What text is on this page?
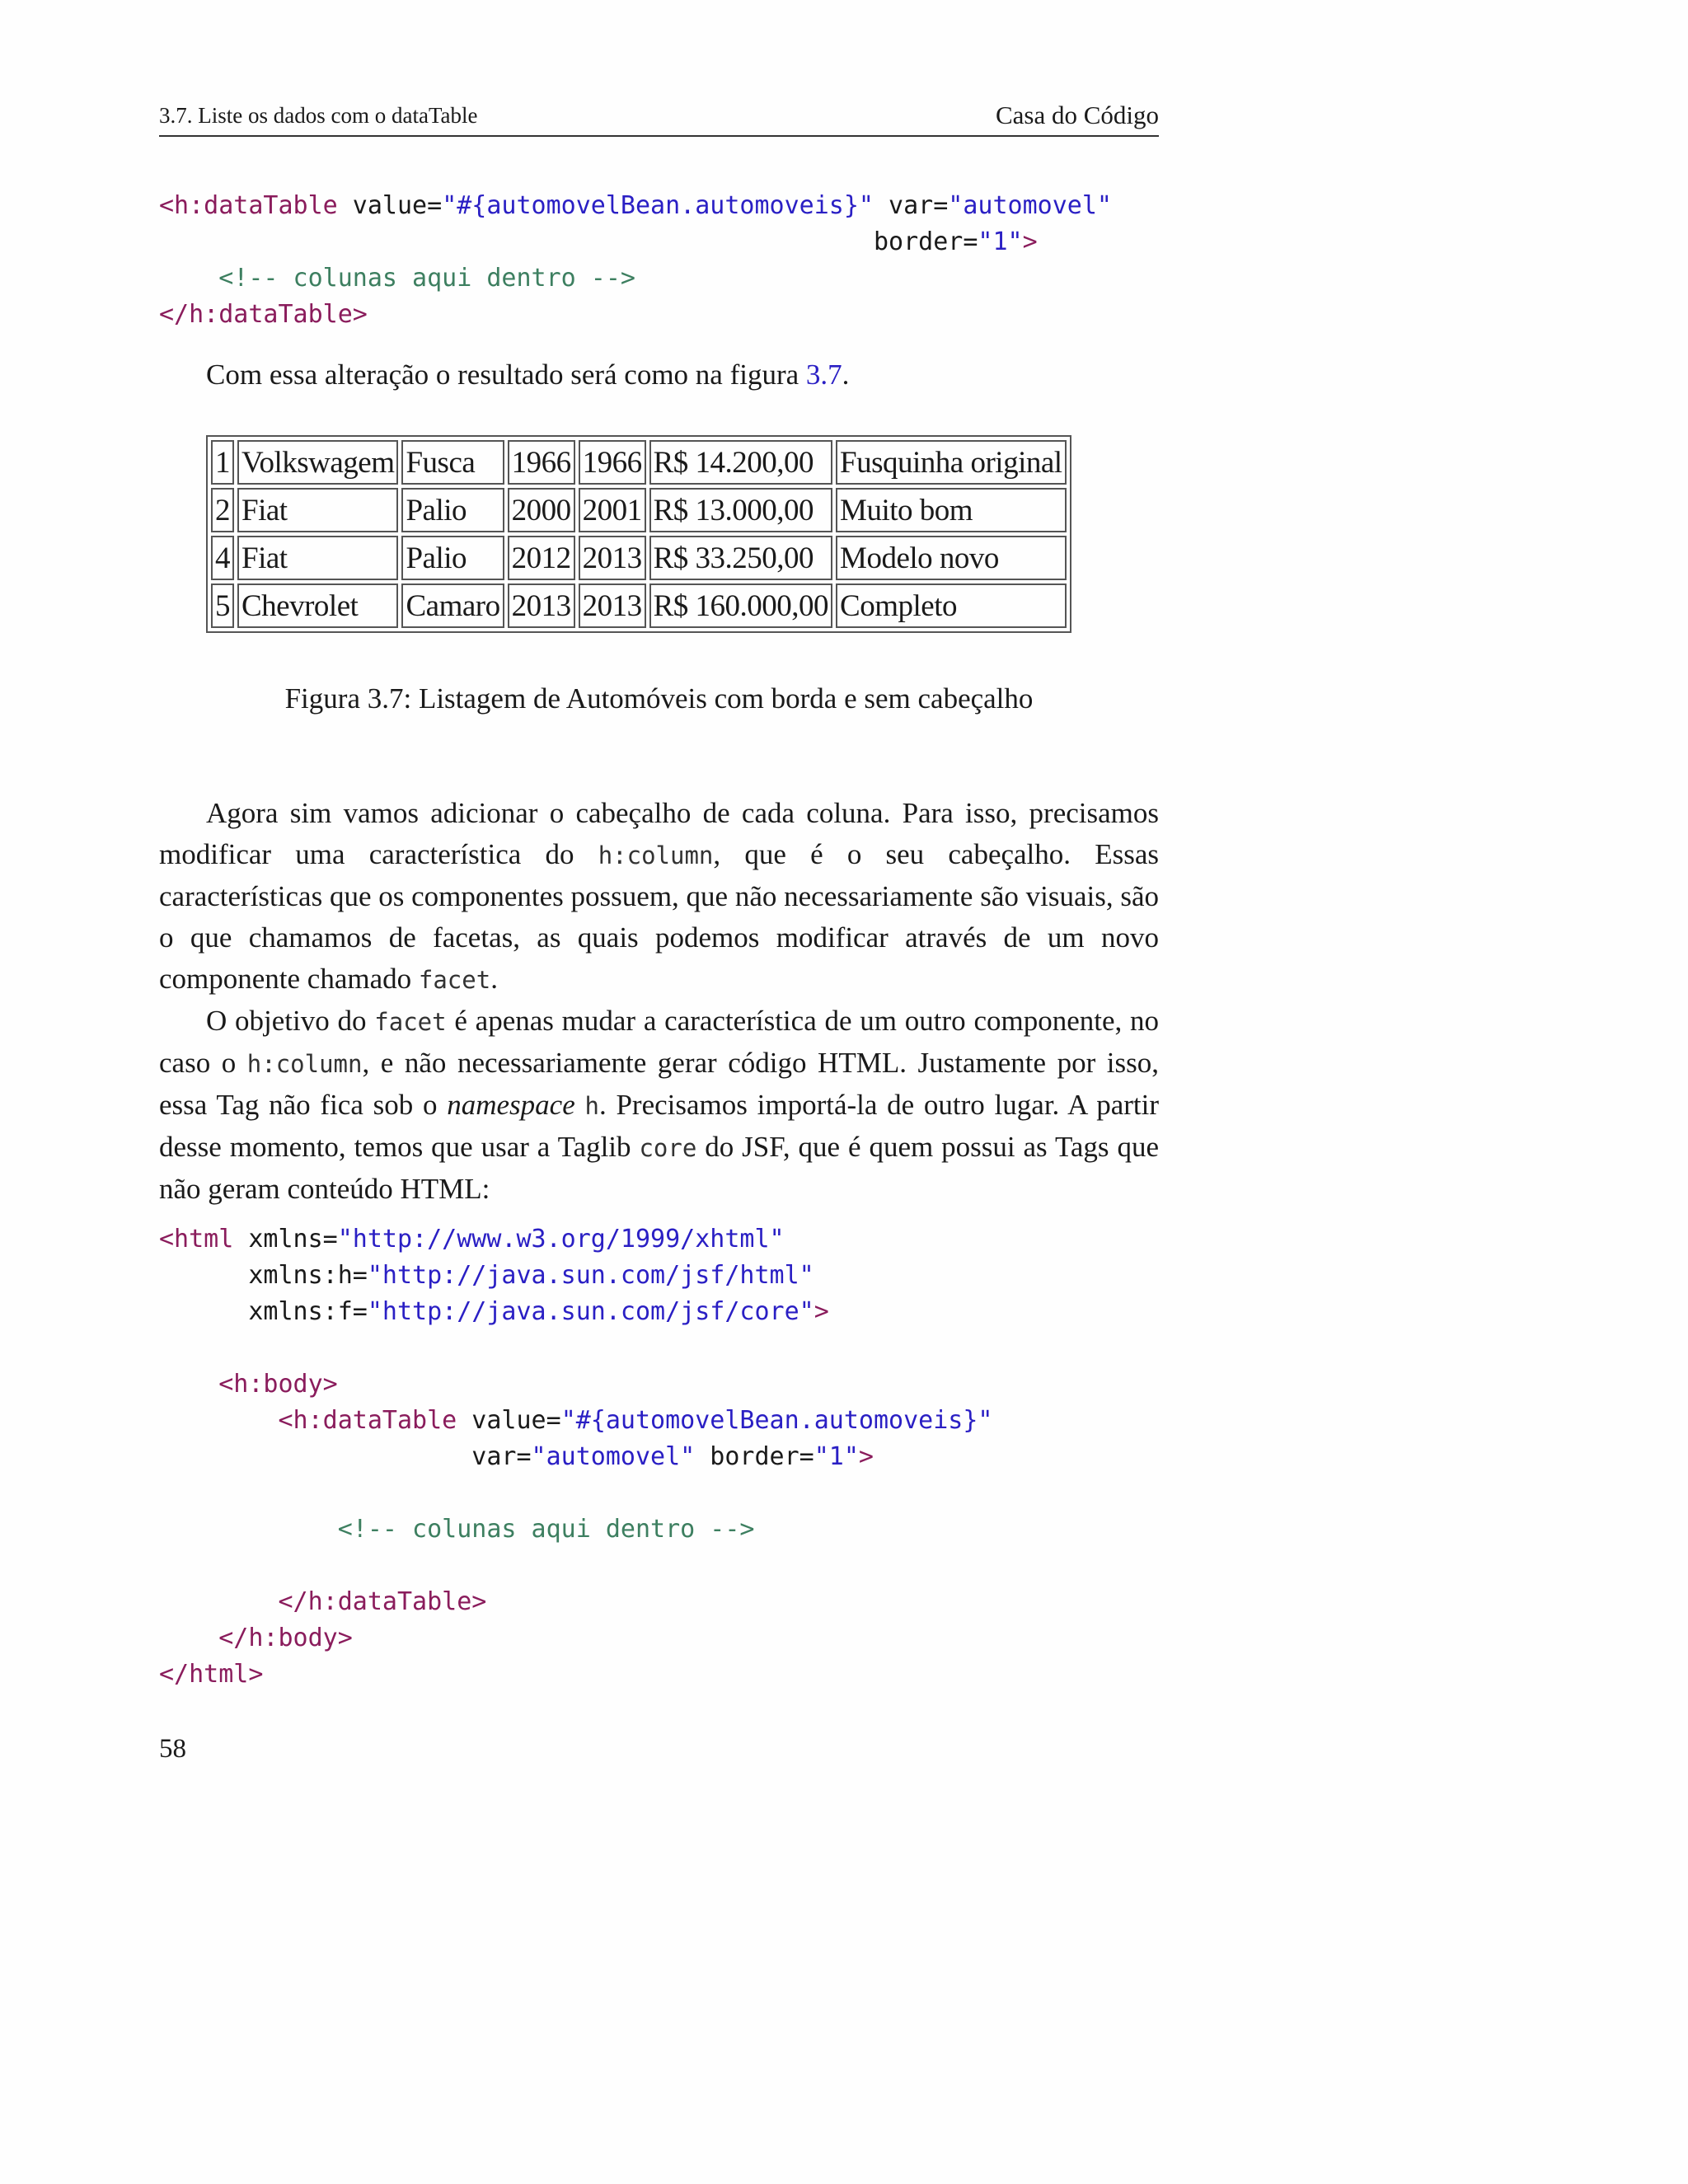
3.7. Liste os dados com o dataTable	Casa do Código
<h:dataTable value="#{automovelBean.automoveis}" var="automovel"
border="1">
<!-- colunas aqui dentro -->
</h:dataTable>

Com essa alteração o resultado será como na figura 3.7.

1	Volkswagem	Fusca	1966	1966	R$ 14.200,00	Fusquinha original
2	Fiat	Palio	2000	2001	R$ 13.000,00	Muito bom
4	Fiat	Palio	2012	2013	R$ 33.250,00	Modelo novo
5	Chevrolet	Camaro	2013	2013	R$ 160.000,00	Completo
Figura 3.7: Listagem de Automóveis com borda e sem cabeçalho

Agora sim vamos adicionar o cabeçalho de cada coluna. Para isso, precisamos modificar uma característica do h:column, que é o seu cabeçalho. Essas características que os componentes possuem, que não necessariamente são visuais, são o que chamamos de facetas, as quais podemos modificar através de um novo componente chamado facet.

O objetivo do facet é apenas mudar a característica de um outro componente, no caso o h:column, e não necessariamente gerar código HTML. Justamente por isso, essa Tag não fica sob o namespace h. Precisamos importá-la de outro lugar. A partir desse momento, temos que usar a Taglib core do JSF, que é quem possui as Tags que não geram conteúdo HTML:

<html xmlns="http://www.w3.org/1999/xhtml"
xmlns:h="http://java.sun.com/jsf/html"
xmlns:f="http://java.sun.com/jsf/core">

<h:body>
<h:dataTable value="#{automovelBean.automoveis}"
var="automovel" border="1">

<!-- colunas aqui dentro -->

</h:dataTable>
</h:body>
</html>
58
